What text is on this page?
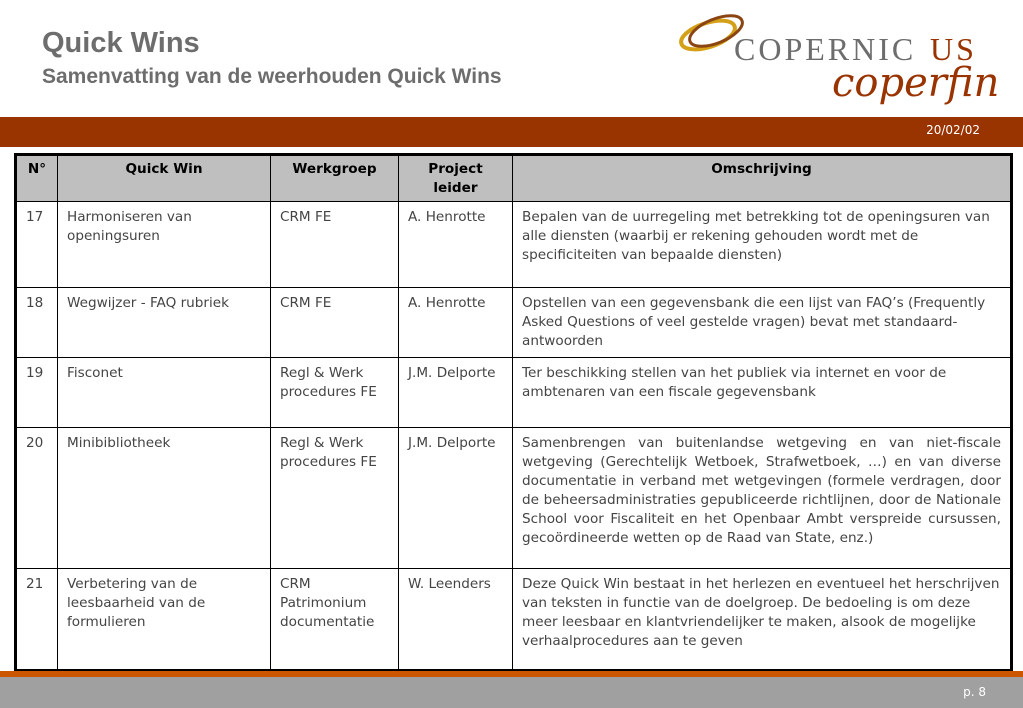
Quick Wins
Samenvatting van de weerhouden Quick Wins
COPERNIC US
coperfin
20/02/02
N°	Quick Win	Werkgroep	Project leider	Omschrijving
17	Harmoniseren van openingsuren	CRM FE	A. Henrotte	Bepalen van de uurregeling met betrekking tot de openingsuren van alle diensten (waarbij er rekening gehouden wordt met de specificiteiten van bepaalde diensten)
18	Wegwijzer - FAQ rubriek	CRM FE	A. Henrotte	Opstellen van een gegevensbank die een lijst van FAQ’s (Frequently Asked Questions of veel gestelde vragen) bevat met standaard-antwoorden
19	Fisconet	Regl & Werk procedures FE	J.M. Delporte	Ter beschikking stellen van het publiek via internet en voor de ambtenaren van een fiscale gegevensbank
20	Minibibliotheek	Regl & Werk procedures FE	J.M. Delporte	Samenbrengen van buitenlandse wetgeving en van niet-fiscale wetgeving (Gerechtelijk Wetboek, Strafwetboek, …) en van diverse documentatie in verband met wetgevingen (formele verdragen, door de beheersadministraties gepubliceerde richtlijnen, door de Nationale School voor Fiscaliteit en het Openbaar Ambt verspreide cursussen, gecoördineerde wetten op de Raad van State, enz.)
21	Verbetering van de leesbaarheid van de formulieren	CRM Patrimonium documentatie	W. Leenders	Deze Quick Win bestaat in het herlezen en eventueel het herschrijven van teksten in functie van de doelgroep. De bedoeling is om deze meer leesbaar en klantvriendelijker te maken, alsook de mogelijke verhaalprocedures aan te geven
p. 8
